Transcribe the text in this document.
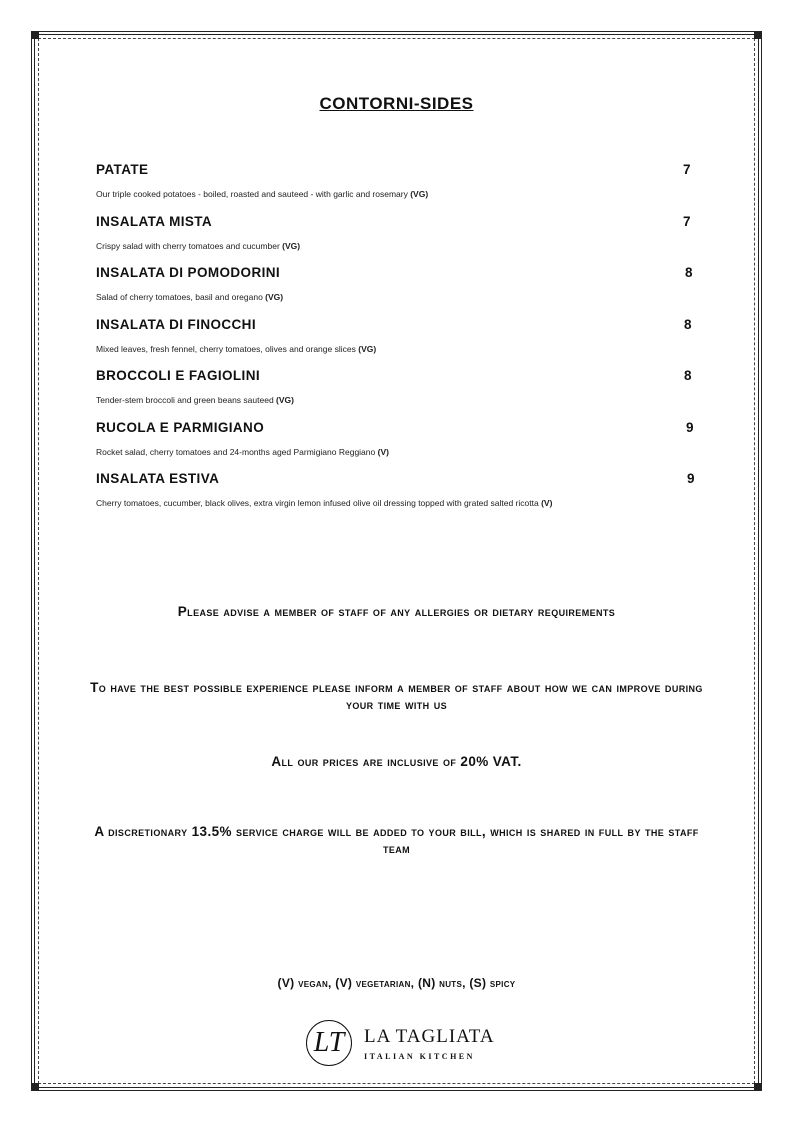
CONTORNI-SIDES
PATATE	7
Our triple cooked potatoes - boiled, roasted and sauteed - with garlic and rosemary (VG)
INSALATA MISTA	7
Crispy salad with cherry tomatoes and cucumber (VG)
INSALATA DI POMODORINI	8
Salad of cherry tomatoes, basil and oregano (VG)
INSALATA DI FINOCCHI	8
Mixed leaves, fresh fennel, cherry tomatoes, olives and orange slices (VG)
BROCCOLI E FAGIOLINI	8
Tender-stem broccoli and green beans sauteed (VG)
RUCOLA E PARMIGIANO	9
Rocket salad, cherry tomatoes and 24-months aged Parmigiano Reggiano (V)
INSALATA ESTIVA	9
Cherry tomatoes, cucumber, black olives, extra virgin lemon infused olive oil dressing topped with grated salted ricotta (V)
Please advise a member of staff of any allergies or dietary requirements
To have the best possible experience please inform a member of staff about how we can improve during your time with us
All our prices are inclusive of 20% VAT.
A discretionary 13.5% service charge will be added to your bill, which is shared in full by the staff team
(V) vegan, (V) vegetarian, (N) nuts, (S) spicy
LT	LA TAGLIATA
ITALIAN KITCHEN
